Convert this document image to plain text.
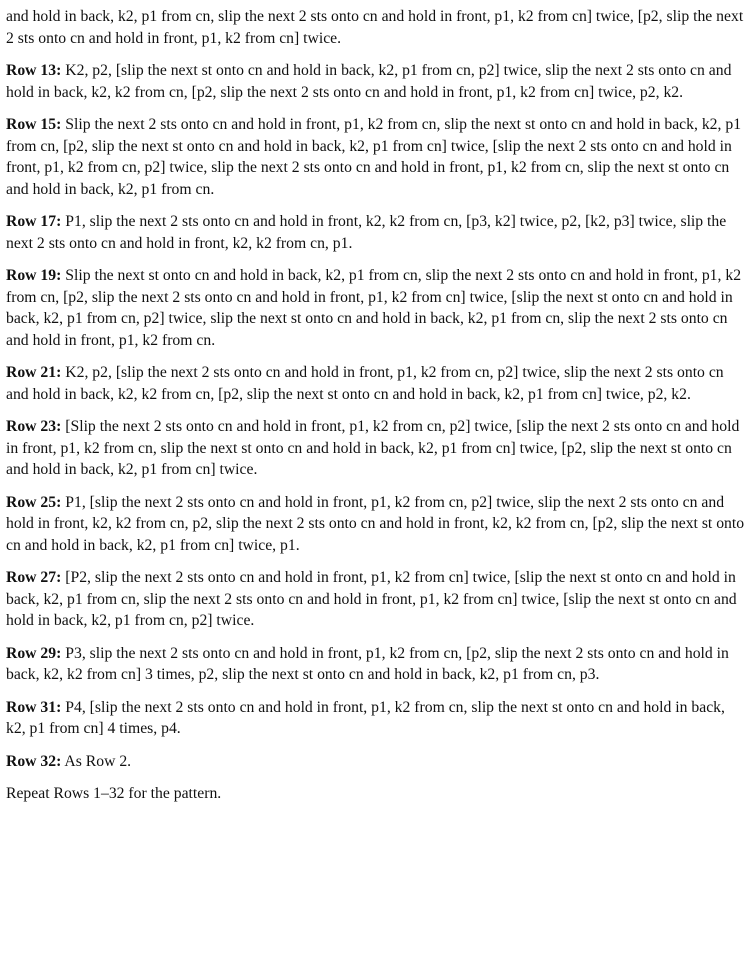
and hold in back, k2, p1 from cn, slip the next 2 sts onto cn and hold in front, p1, k2 from cn] twice, [p2, slip the next 2 sts onto cn and hold in front, p1, k2 from cn] twice.

Row 13: K2, p2, [slip the next st onto cn and hold in back, k2, p1 from cn, p2] twice, slip the next 2 sts onto cn and hold in back, k2, k2 from cn, [p2, slip the next 2 sts onto cn and hold in front, p1, k2 from cn] twice, p2, k2.

Row 15: Slip the next 2 sts onto cn and hold in front, p1, k2 from cn, slip the next st onto cn and hold in back, k2, p1 from cn, [p2, slip the next st onto cn and hold in back, k2, p1 from cn] twice, [slip the next 2 sts onto cn and hold in front, p1, k2 from cn, p2] twice, slip the next 2 sts onto cn and hold in front, p1, k2 from cn, slip the next st onto cn and hold in back, k2, p1 from cn.

Row 17: P1, slip the next 2 sts onto cn and hold in front, k2, k2 from cn, [p3, k2] twice, p2, [k2, p3] twice, slip the next 2 sts onto cn and hold in front, k2, k2 from cn, p1.

Row 19: Slip the next st onto cn and hold in back, k2, p1 from cn, slip the next 2 sts onto cn and hold in front, p1, k2 from cn, [p2, slip the next 2 sts onto cn and hold in front, p1, k2 from cn] twice, [slip the next st onto cn and hold in back, k2, p1 from cn, p2] twice, slip the next st onto cn and hold in back, k2, p1 from cn, slip the next 2 sts onto cn and hold in front, p1, k2 from cn.

Row 21: K2, p2, [slip the next 2 sts onto cn and hold in front, p1, k2 from cn, p2] twice, slip the next 2 sts onto cn and hold in back, k2, k2 from cn, [p2, slip the next st onto cn and hold in back, k2, p1 from cn] twice, p2, k2.

Row 23: [Slip the next 2 sts onto cn and hold in front, p1, k2 from cn, p2] twice, [slip the next 2 sts onto cn and hold in front, p1, k2 from cn, slip the next st onto cn and hold in back, k2, p1 from cn] twice, [p2, slip the next st onto cn and hold in back, k2, p1 from cn] twice.

Row 25: P1, [slip the next 2 sts onto cn and hold in front, p1, k2 from cn, p2] twice, slip the next 2 sts onto cn and hold in front, k2, k2 from cn, p2, slip the next 2 sts onto cn and hold in front, k2, k2 from cn, [p2, slip the next st onto cn and hold in back, k2, p1 from cn] twice, p1.

Row 27: [P2, slip the next 2 sts onto cn and hold in front, p1, k2 from cn] twice, [slip the next st onto cn and hold in back, k2, p1 from cn, slip the next 2 sts onto cn and hold in front, p1, k2 from cn] twice, [slip the next st onto cn and hold in back, k2, p1 from cn, p2] twice.

Row 29: P3, slip the next 2 sts onto cn and hold in front, p1, k2 from cn, [p2, slip the next 2 sts onto cn and hold in back, k2, k2 from cn] 3 times, p2, slip the next st onto cn and hold in back, k2, p1 from cn, p3.

Row 31: P4, [slip the next 2 sts onto cn and hold in front, p1, k2 from cn, slip the next st onto cn and hold in back, k2, p1 from cn] 4 times, p4.

Row 32: As Row 2.

Repeat Rows 1–32 for the pattern.
